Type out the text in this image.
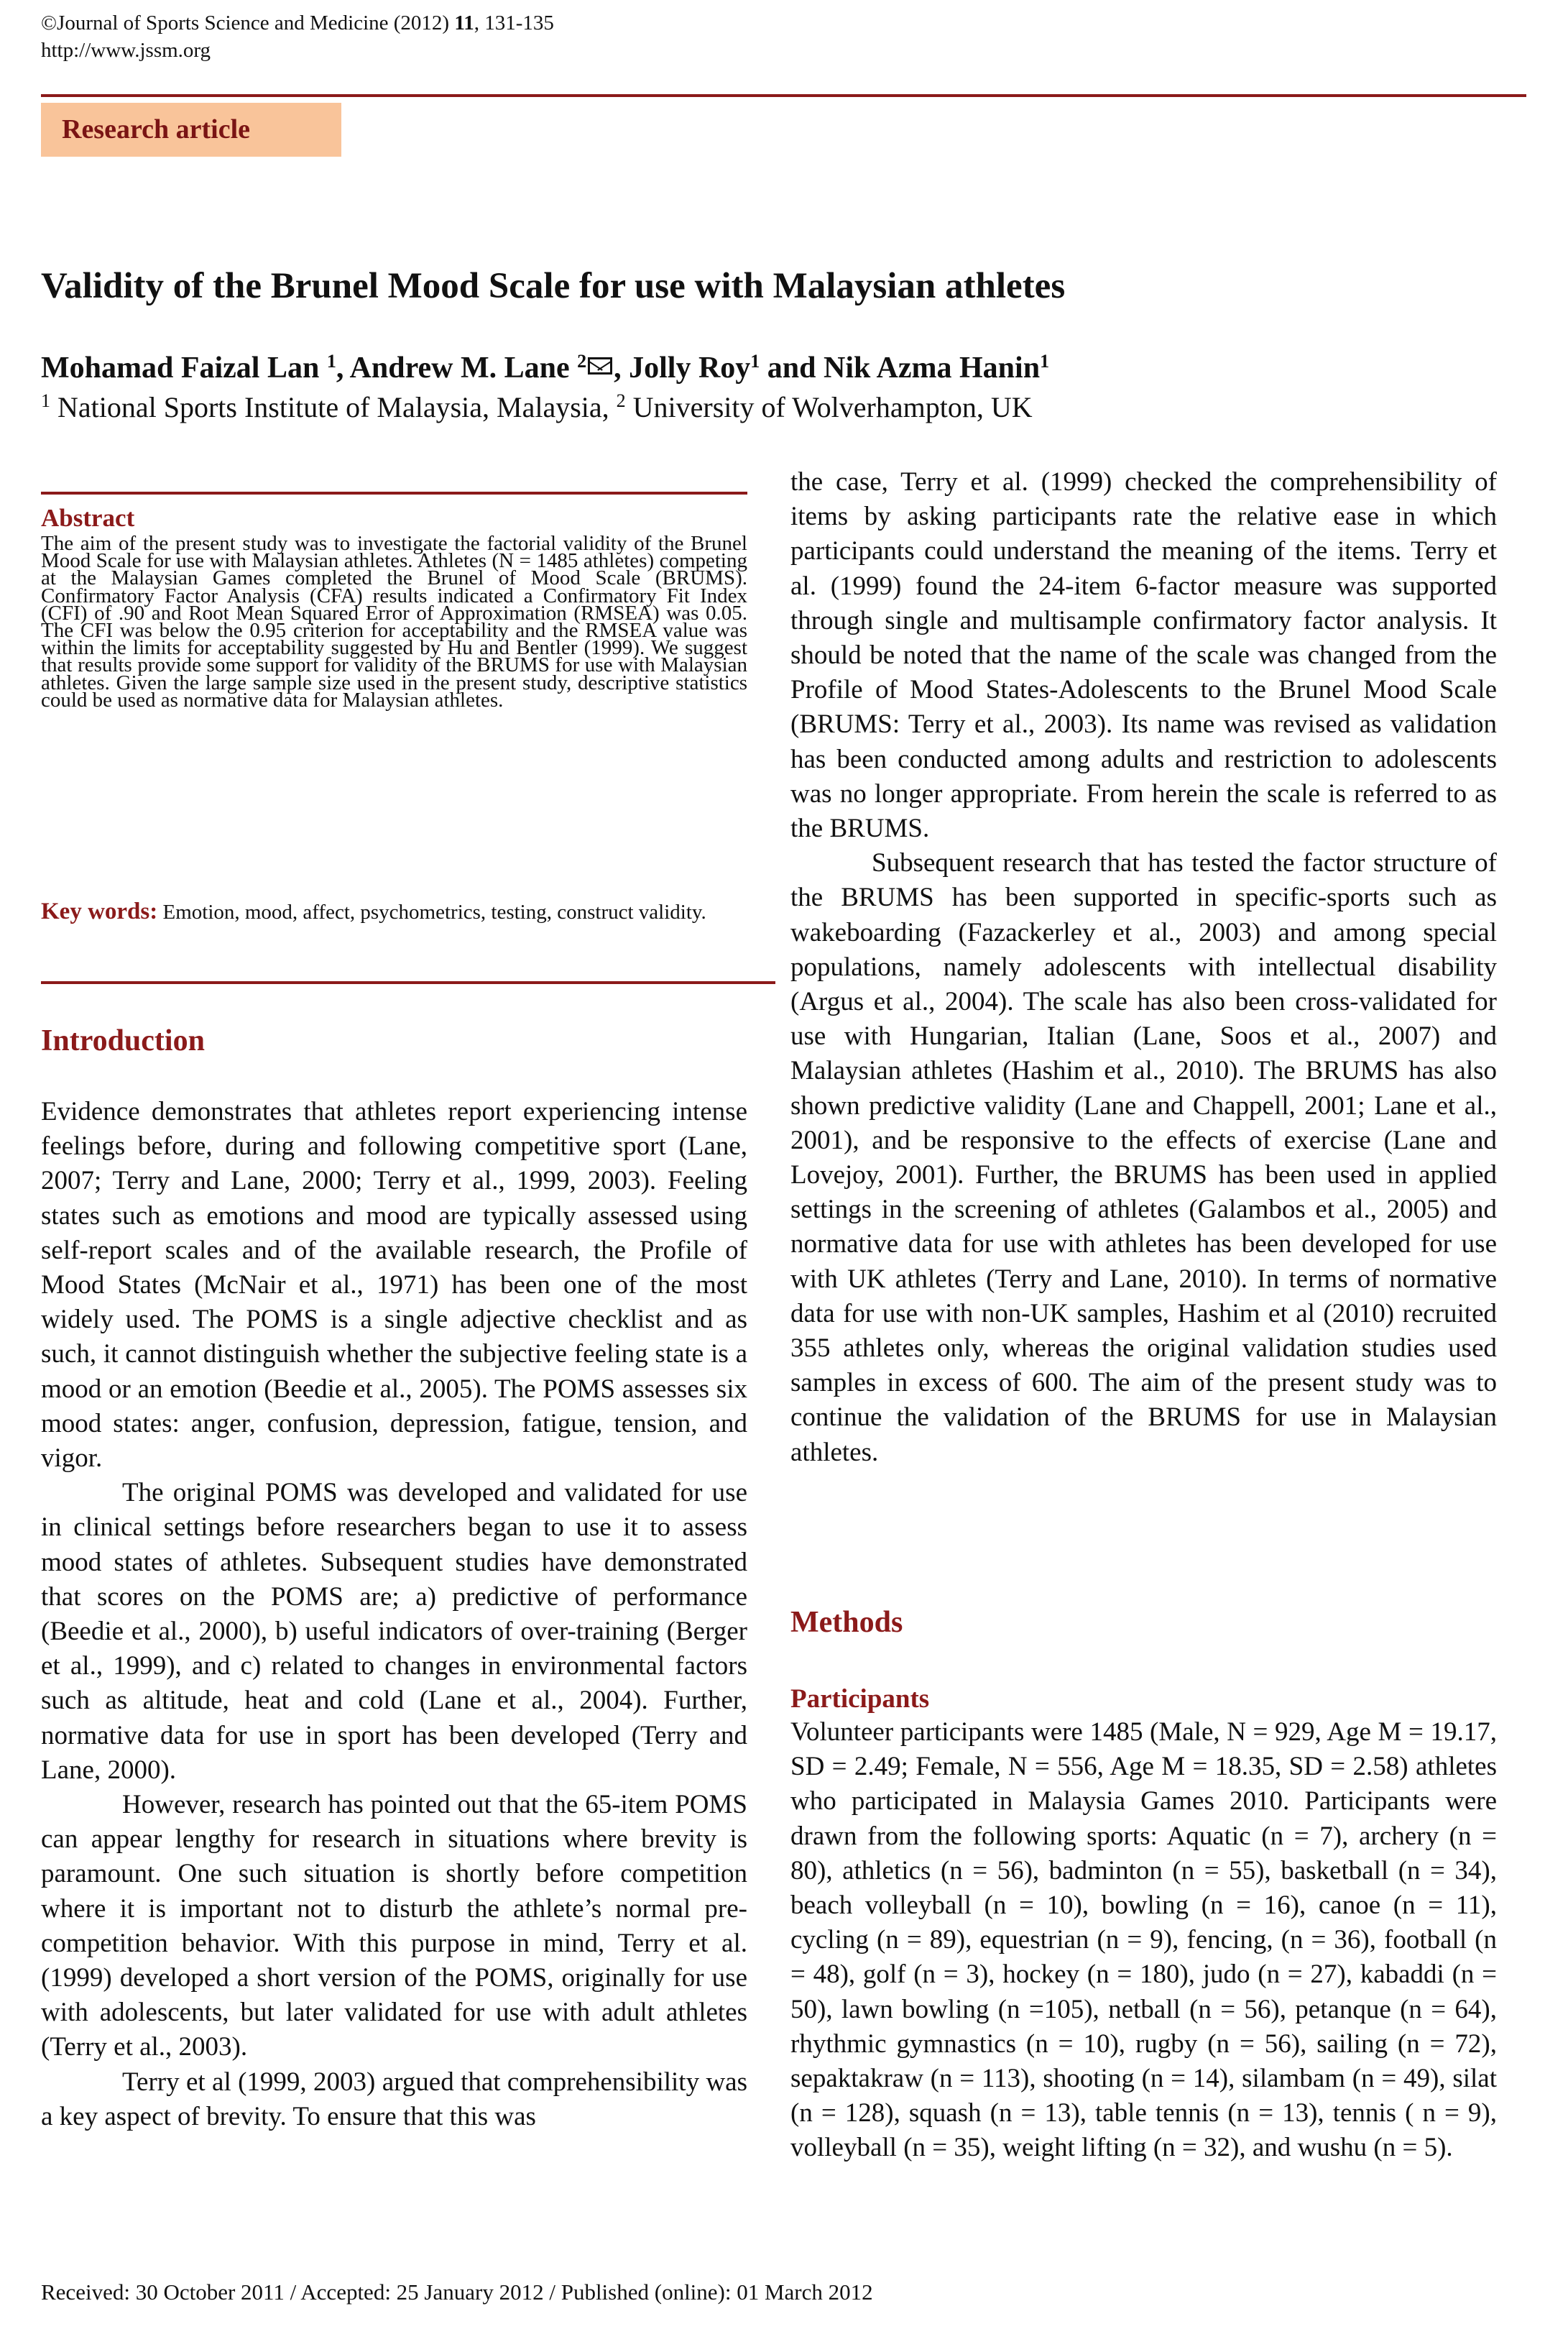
©Journal of Sports Science and Medicine (2012) 11, 131-135
http://www.jssm.org
Research article
Validity of the Brunel Mood Scale for use with Malaysian athletes
Mohamad Faizal Lan $^1$, Andrew M. Lane $^2$ , Jolly Roy$^1$ and Nik Azma Hanin$^1$
$^1$ National Sports Institute of Malaysia, Malaysia, $^2$ University of Wolverhampton, UK
Abstract
The aim of the present study was to investigate the factorial validity of the Brunel Mood Scale for use with Malaysian athletes. Athletes (N = 1485 athletes) competing at the Malaysian Games completed the Brunel of Mood Scale (BRUMS). Confirmatory Factor Analysis (CFA) results indicated a Confirmatory Fit Index (CFI) of .90 and Root Mean Squared Error of Approximation (RMSEA) was 0.05. The CFI was below the 0.95 criterion for acceptability and the RMSEA value was within the limits for acceptability suggested by Hu and Bentler (1999). We suggest that results provide some support for validity of the BRUMS for use with Malaysian athletes. Given the large sample size used in the present study, descriptive statistics could be used as normative data for Malaysian athletes.
Key words: Emotion, mood, affect, psychometrics, testing, construct validity.
Introduction

Evidence demonstrates that athletes report experiencing intense feelings before, during and following competitive sport (Lane, 2007; Terry and Lane, 2000; Terry et al., 1999, 2003). Feeling states such as emotions and mood are typically assessed using self-report scales and of the available research, the Profile of Mood States (McNair et al., 1971) has been one of the most widely used. The POMS is a single adjective checklist and as such, it cannot distinguish whether the subjective feeling state is a mood or an emotion (Beedie et al., 2005). The POMS assesses six mood states: anger, confusion, depression, fatigue, tension, and vigor.

The original POMS was developed and validated for use in clinical settings before researchers began to use it to assess mood states of athletes. Subsequent studies have demonstrated that scores on the POMS are; a) predictive of performance (Beedie et al., 2000), b) useful indicators of over-training (Berger et al., 1999), and c) related to changes in environmental factors such as altitude, heat and cold (Lane et al., 2004). Further, normative data for use in sport has been developed (Terry and Lane, 2000).

However, research has pointed out that the 65-item POMS can appear lengthy for research in situations where brevity is paramount. One such situation is shortly before competition where it is important not to disturb the athlete’s normal pre-competition behavior. With this purpose in mind, Terry et al. (1999) developed a short version of the POMS, originally for use with adolescents, but later validated for use with adult athletes (Terry et al., 2003).

Terry et al (1999, 2003) argued that comprehensibility was a key aspect of brevity. To ensure that this was

the case, Terry et al. (1999) checked the comprehensibility of items by asking participants rate the relative ease in which participants could understand the meaning of the items. Terry et al. (1999) found the 24-item 6-factor measure was supported through single and multisample confirmatory factor analysis. It should be noted that the name of the scale was changed from the Profile of Mood States-Adolescents to the Brunel Mood Scale (BRUMS: Terry et al., 2003). Its name was revised as validation has been conducted among adults and restriction to adolescents was no longer appropriate. From herein the scale is referred to as the BRUMS.

Subsequent research that has tested the factor structure of the BRUMS has been supported in specific-sports such as wakeboarding (Fazackerley et al., 2003) and among special populations, namely adolescents with intellectual disability (Argus et al., 2004). The scale has also been cross-validated for use with Hungarian, Italian (Lane, Soos et al., 2007) and Malaysian athletes (Hashim et al., 2010). The BRUMS has also shown predictive validity (Lane and Chappell, 2001; Lane et al., 2001), and be responsive to the effects of exercise (Lane and Lovejoy, 2001). Further, the BRUMS has been used in applied settings in the screening of athletes (Galambos et al., 2005) and normative data for use with athletes has been developed for use with UK athletes (Terry and Lane, 2010). In terms of normative data for use with non-UK samples, Hashim et al (2010) recruited 355 athletes only, whereas the original validation studies used samples in excess of 600. The aim of the present study was to continue the validation of the BRUMS for use in Malaysian athletes.

Methods
Participants

Volunteer participants were 1485 (Male, N = 929, Age M = 19.17, SD = 2.49; Female, N = 556, Age M = 18.35, SD = 2.58) athletes who participated in Malaysia Games 2010. Participants were drawn from the following sports: Aquatic (n = 7), archery (n = 80), athletics (n = 56), badminton (n = 55), basketball (n = 34), beach volleyball (n = 10), bowling (n = 16), canoe (n = 11), cycling (n = 89), equestrian (n = 9), fencing, (n = 36), football (n = 48), golf (n = 3), hockey (n = 180), judo (n = 27), kabaddi (n = 50), lawn bowling (n =105), netball (n = 56), petanque (n = 64), rhythmic gymnastics (n = 10), rugby (n = 56), sailing (n = 72), sepaktakraw (n = 113), shooting (n = 14), silambam (n = 49), silat (n = 128), squash (n = 13), table tennis (n = 13), tennis ( n = 9), volleyball (n = 35), weight lifting (n = 32), and wushu (n = 5).

Received: 30 October 2011 / Accepted: 25 January 2012 / Published (online): 01 March 2012
